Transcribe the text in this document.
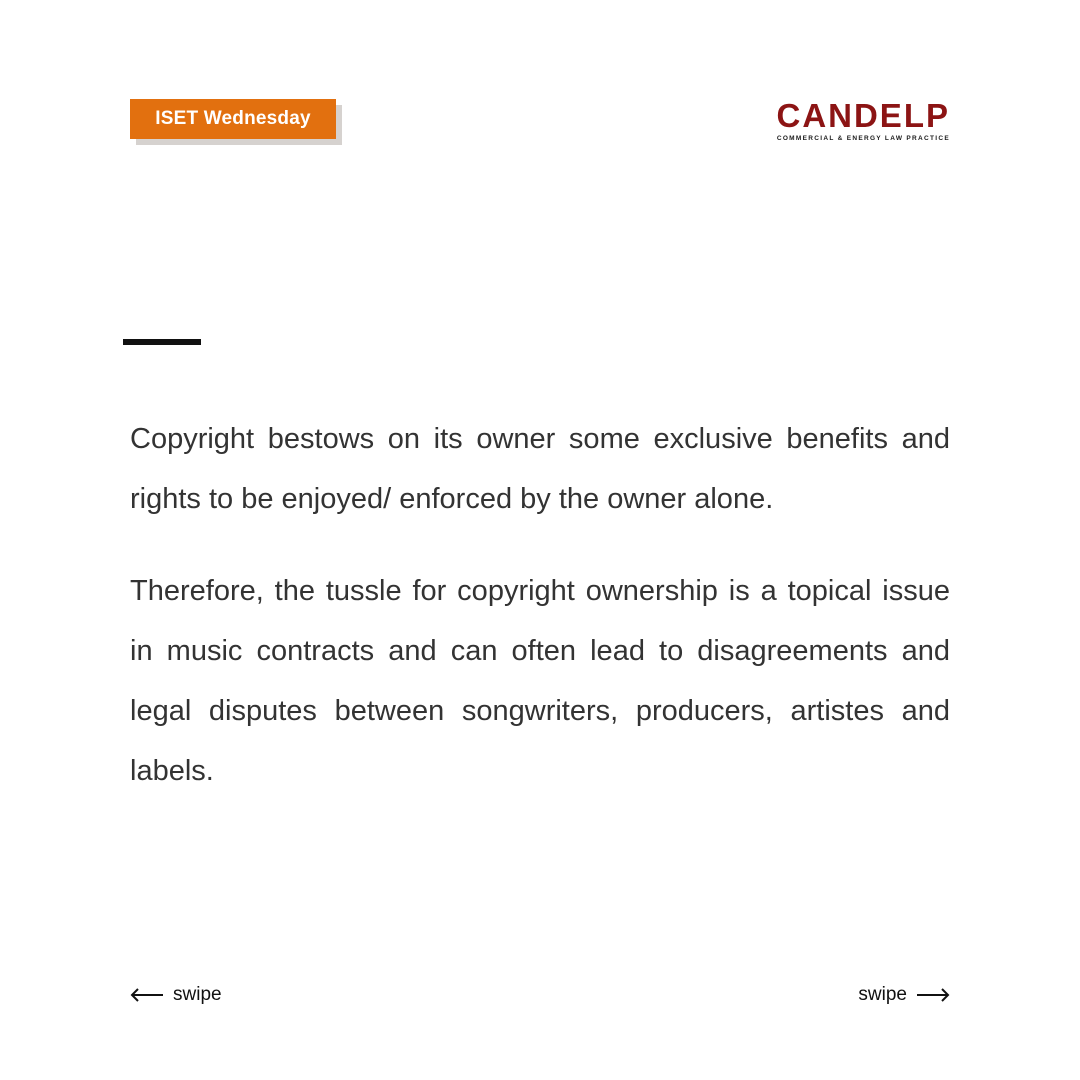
ISET Wednesday	CANDELP
COMMERCIAL & ENERGY LAW PRACTICE

Copyright bestows on its owner some exclusive benefits and rights to be enjoyed/ enforced by the owner alone.

Therefore, the tussle for copyright ownership is a topical issue in music contracts and can often lead to disagreements and legal disputes between songwriters, producers, artistes and labels.

swipe	swipe
